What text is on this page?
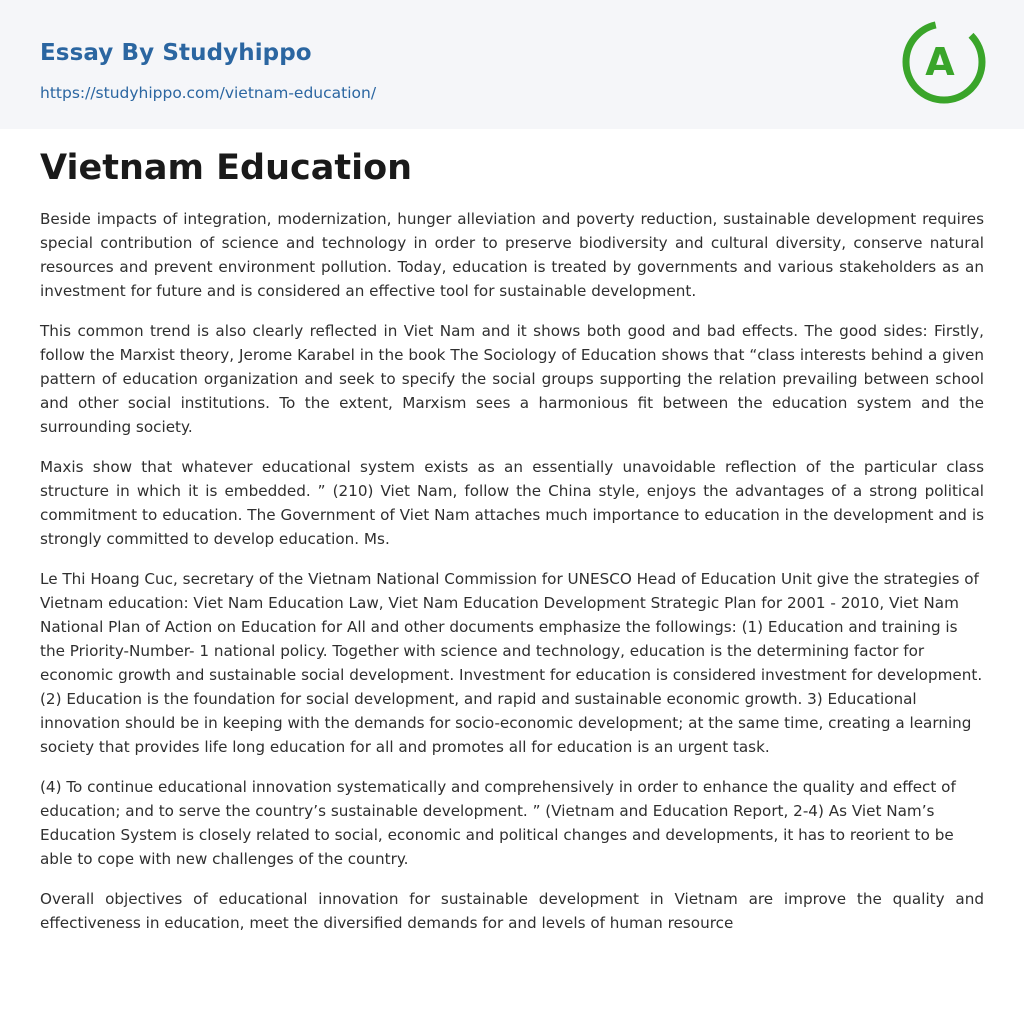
Essay By Studyhippo
https://studyhippo.com/vietnam-education/
A
Vietnam Education

Beside impacts of integration, modernization, hunger alleviation and poverty reduction, sustainable development requires special contribution of science and technology in order to preserve biodiversity and cultural diversity, conserve natural resources and prevent environment pollution. Today, education is treated by governments and various stakeholders as an investment for future and is considered an effective tool for sustainable development.

This common trend is also clearly reflected in Viet Nam and it shows both good and bad effects. The good sides: Firstly, follow the Marxist theory, Jerome Karabel in the book The Sociology of Education shows that “class interests behind a given pattern of education organization and seek to specify the social groups supporting the relation prevailing between school and other social institutions. To the extent, Marxism sees a harmonious fit between the education system and the surrounding society.

Maxis show that whatever educational system exists as an essentially unavoidable reflection of the particular class structure in which it is embedded. ” (210) Viet Nam, follow the China style, enjoys the advantages of a strong political commitment to education. The Government of Viet Nam attaches much importance to education in the development and is strongly committed to develop education. Ms.

Le Thi Hoang Cuc, secretary of the Vietnam National Commission for UNESCO Head of Education Unit give the strategies of Vietnam education: Viet Nam Education Law, Viet Nam Education Development Strategic Plan for 2001 - 2010, Viet Nam National Plan of Action on Education for All and other documents emphasize the followings: (1) Education and training is the Priority-Number- 1 national policy. Together with science and technology, education is the determining factor for economic growth and sustainable social development. Investment for education is considered investment for development. (2) Education is the foundation for social development, and rapid and sustainable economic growth. 3) Educational innovation should be in keeping with the demands for socio-economic development; at the same time, creating a learning society that provides life long education for all and promotes all for education is an urgent task.

(4) To continue educational innovation systematically and comprehensively in order to enhance the quality and effect of education; and to serve the country’s sustainable development. ” (Vietnam and Education Report, 2-4) As Viet Nam’s Education System is closely related to social, economic and political changes and developments, it has to reorient to be able to cope with new challenges of the country.

Overall objectives of educational innovation for sustainable development in Vietnam are improve the quality and effectiveness in education, meet the diversified demands for and levels of human resource
